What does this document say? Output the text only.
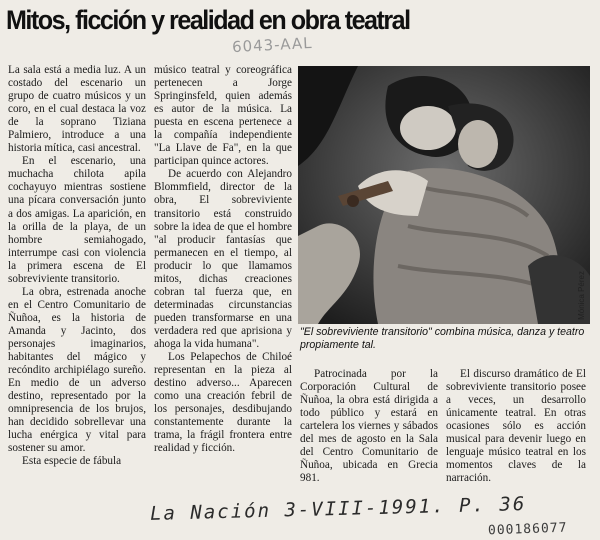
Mitos, ficción y realidad en obra teatral
6043-AAL

La sala está a media luz. A un costado del escenario un grupo de cuatro músicos y un coro, en el cual destaca la voz de la soprano Tiziana Palmiero, introduce a una historia mítica, casi ancestral.

En el escenario, una muchacha chilota apila cochayuyo mientras sostiene una pícara conversación junto a dos amigas. La aparición, en la orilla de la playa, de un hombre semiahogado, interrumpe casi con violencia la primera escena de El sobreviviente transitorio.

La obra, estrenada anoche en el Centro Comunitario de Ñuñoa, es la historia de Amanda y Jacinto, dos personajes imaginarios, habitantes del mágico y recóndito archipiélago sureño. En medio de un adverso destino, representado por la omnipresencia de los brujos, han decidido sobrellevar una lucha enérgica y vital para sostener su amor.

Esta especie de fábula

músico teatral y coreográfica pertenecen a Jorge Springinsfeld, quien además es autor de la música. La puesta en escena pertenece a la compañía independiente "La Llave de Fa", en la que participan quince actores.

De acuerdo con Alejandro Blommfield, director de la obra, El sobreviviente transitorio está construido sobre la idea de que el hombre "al producir fantasías que permanecen en el tiempo, al producir lo que llamamos mitos, dichas creaciones cobran tal fuerza que, en determinadas circunstancias pueden transformarse en una verdadera red que aprisiona y ahoga la vida humana".

Los Pelapechos de Chiloé representan en la pieza al destino adverso... Aparecen como una creación febril de los personajes, desdibujando constantemente durante la trama, la frágil frontera entre realidad y ficción.

Mónica Pérez
"El sobreviviente transitorio" combina música, danza y teatro propiamente tal.

Patrocinada por la Corporación Cultural de Ñuñoa, la obra está dirigida a todo público y estará en cartelera los viernes y sábados del mes de agosto en la Sala del Centro Comunitario de Ñuñoa, ubicada en Grecia 981.

El discurso dramático de El sobreviviente transitorio posee a veces, un desarrollo únicamente teatral. En otras ocasiones sólo es acción musical para devenir luego en lenguaje músico teatral en los momentos claves de la narración.

La Nación 3-VIII-1991. P. 36
000186077
